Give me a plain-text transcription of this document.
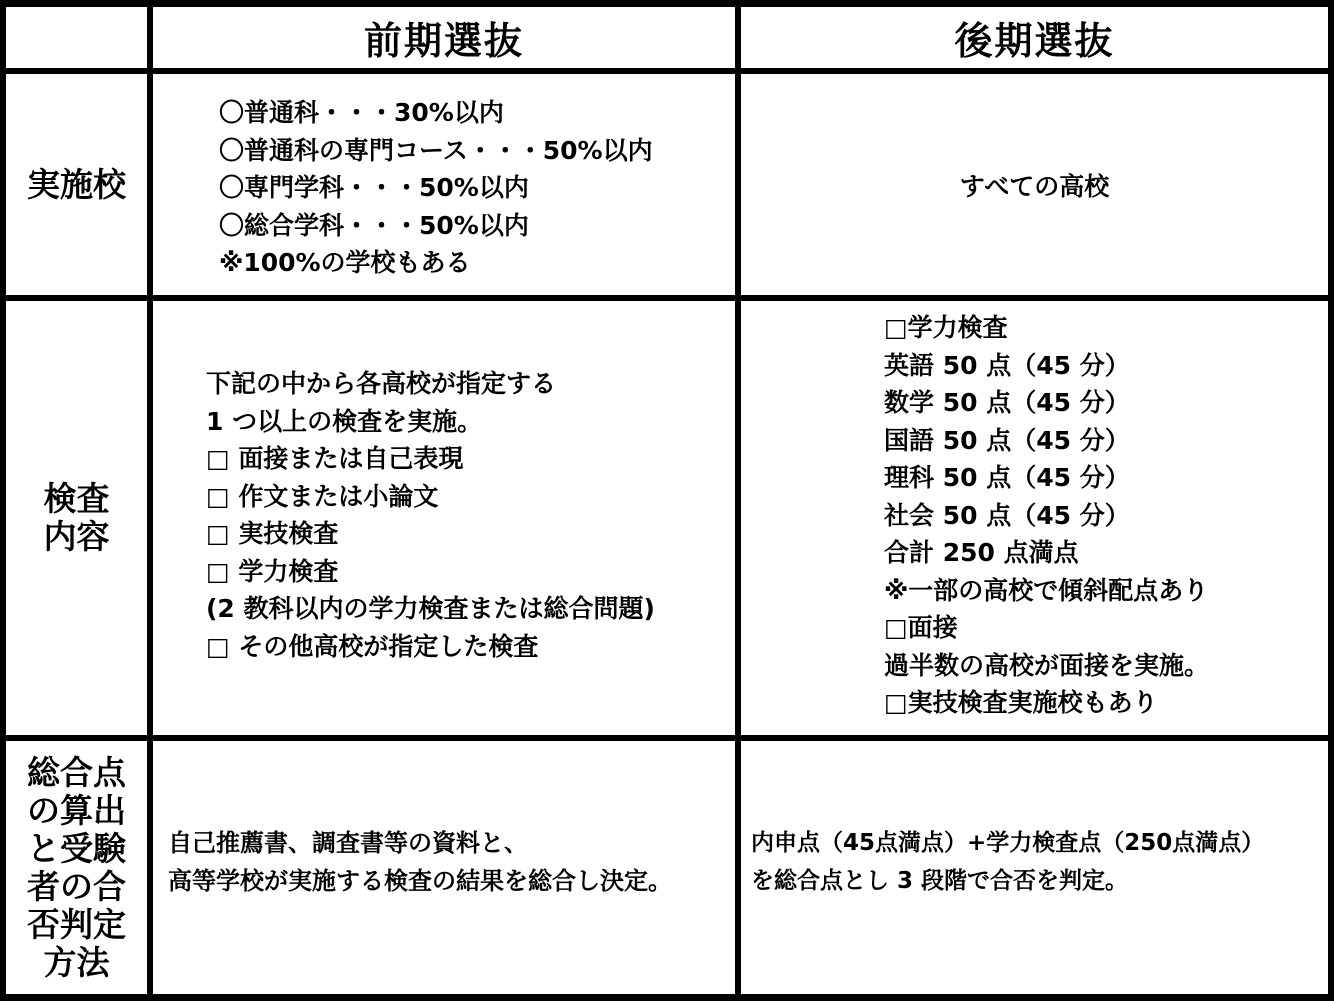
前期選抜	後期選抜
実施校
〇普通科・・・30%以内
〇普通科の専門コース・・・50%以内
〇専門学科・・・50%以内
〇総合学科・・・50%以内
※100%の学校もある
すべての高校
検査
内容
下記の中から各高校が指定する
1 つ以上の検査を実施。
□ 面接または自己表現
□ 作文または小論文
□ 実技検査
□ 学力検査
(2 教科以内の学力検査または総合問題)
□ その他高校が指定した検査
□学力検査
英語 50 点（45 分）
数学 50 点（45 分）
国語 50 点（45 分）
理科 50 点（45 分）
社会 50 点（45 分）
合計 250 点満点
※一部の高校で傾斜配点あり
□面接
過半数の高校が面接を実施。
□実技検査実施校もあり
総合点
の算出
と受験
者の合
否判定
方法
自己推薦書、調査書等の資料と、
高等学校が実施する検査の結果を総合し決定。
内申点（45点満点）+学力検査点（250点満点）
を総合点とし 3 段階で合否を判定。
